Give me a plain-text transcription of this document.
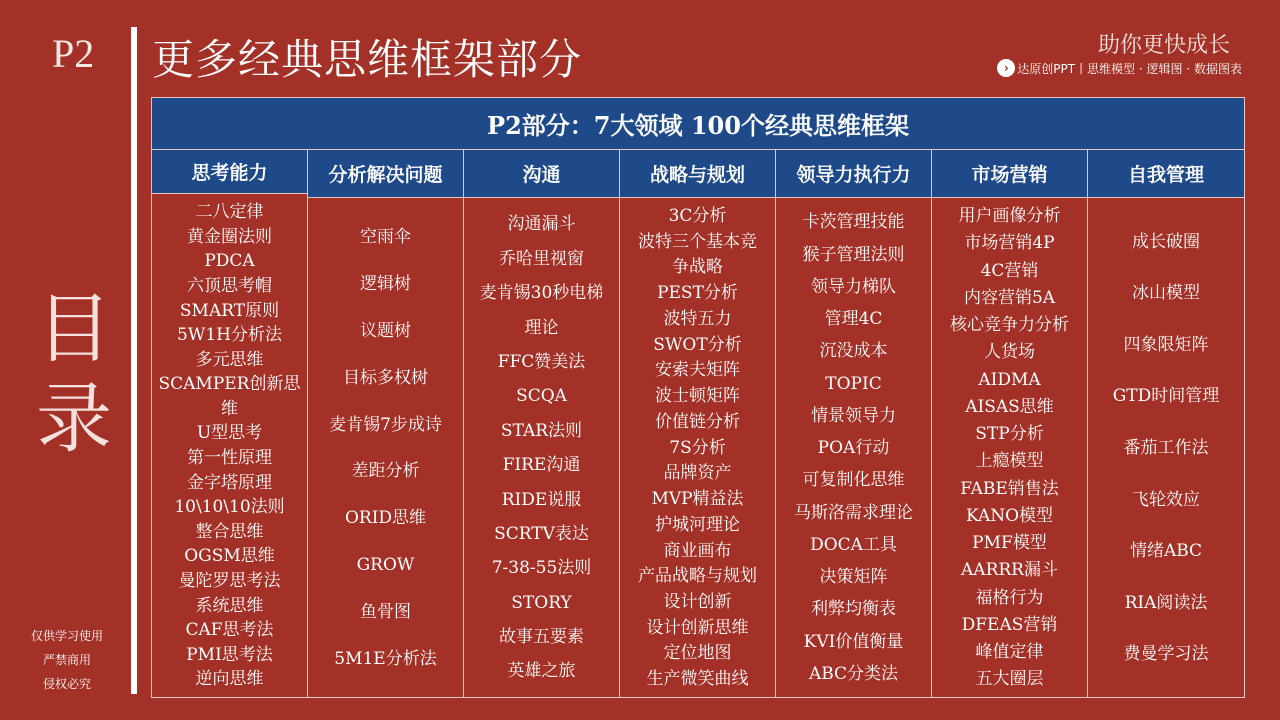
P2
目
录
仅供学习使用
严禁商用
侵权必究
更多经典思维框架部分	助你更快成长
› 达原创PPT丨思维模型 · 逻辑图 · 数据图表
P2部分：7大领域 100个经典思维框架
思考能力
二八定律
黄金圈法则
PDCA
六顶思考帽
SMART原则
5W1H分析法
多元思维
SCAMPER创新思
维
U型思考
第一性原理
金字塔原理
10\10\10法则
整合思维
OGSM思维
曼陀罗思考法
系统思维
CAF思考法
PMI思考法
逆向思维
分析解决问题
空雨伞
逻辑树
议题树
目标多权树
麦肯锡7步成诗
差距分析
ORID思维
GROW
鱼骨图
5M1E分析法
沟通
沟通漏斗
乔哈里视窗
麦肯锡30秒电梯
理论
FFC赞美法
SCQA
STAR法则
FIRE沟通
RIDE说服
SCRTV表达
7-38-55法则
STORY
故事五要素
英雄之旅
战略与规划
3C分析
波特三个基本竞
争战略
PEST分析
波特五力
SWOT分析
安索夫矩阵
波士顿矩阵
价值链分析
7S分析
品牌资产
MVP精益法
护城河理论
商业画布
产品战略与规划
设计创新
设计创新思维
定位地图
生产微笑曲线
领导力执行力
卡茨管理技能
猴子管理法则
领导力梯队
管理4C
沉没成本
TOPIC
情景领导力
POA行动
可复制化思维
马斯洛需求理论
DOCA工具
决策矩阵
利弊均衡表
KVI价值衡量
ABC分类法
市场营销
用户画像分析
市场营销4P
4C营销
内容营销5A
核心竞争力分析
人货场
AIDMA
AISAS思维
STP分析
上瘾模型
FABE销售法
KANO模型
PMF模型
AARRR漏斗
福格行为
DFEAS营销
峰值定律
五大圈层
自我管理
成长破圈
冰山模型
四象限矩阵
GTD时间管理
番茄工作法
飞轮效应
情绪ABC
RIA阅读法
费曼学习法
